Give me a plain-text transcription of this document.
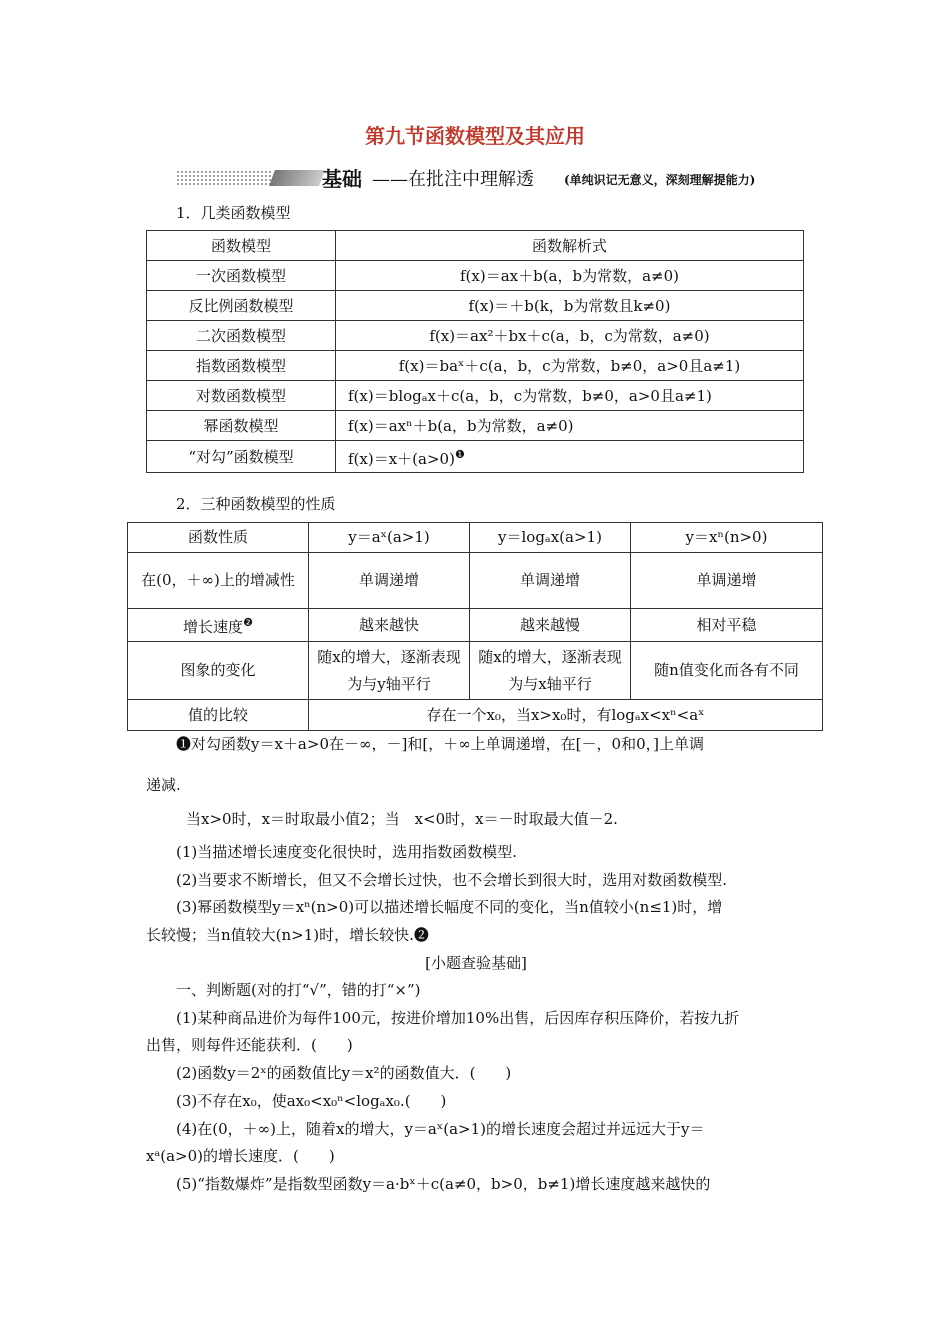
第九节函数模型及其应用
基础 ——在批注中理解透	(单纯识记无意义，深刻理解提能力)
1．几类函数模型
函数模型	函数解析式
一次函数模型	f(x)＝ax＋b(a，b为常数，a≠0)
反比例函数模型	f(x)＝＋b(k，b为常数且k≠0)
二次函数模型	f(x)＝ax²＋bx＋c(a，b，c为常数，a≠0)
指数函数模型	f(x)＝baˣ＋c(a，b，c为常数，b≠0，a>0且a≠1)
对数函数模型	f(x)＝blogₐx＋c(a，b，c为常数，b≠0，a>0且a≠1)
幂函数模型	f(x)＝axⁿ＋b(a，b为常数，a≠0)
“对勾”函数模型	f(x)＝x＋(a>0)$^❶$
2．三种函数模型的性质
函数性质	y＝aˣ(a>1)	y＝logₐx(a>1)	y＝xⁿ(n>0)
在(0，＋∞)上的增减性	单调递增	单调递增	单调递增
增长速度$^❷$	越来越快	越来越慢	相对平稳
图象的变化	随x的增大，逐渐表现为与y轴平行	随x的增大，逐渐表现为与x轴平行	随n值变化而各有不同
值的比较	存在一个x₀，当x>x₀时，有logₐx<xⁿ<aˣ		
❶对勾函数y＝x＋a>0在－∞，－]和[，＋∞上单调递增，在[－，0和0，]上单调
递减.
当x>0时，x＝时取最小值2；当　x<0时，x＝－时取最大值－2.
(1)当描述增长速度变化很快时，选用指数函数模型.
(2)当要求不断增长，但又不会增长过快，也不会增长到很大时，选用对数函数模型.
(3)幂函数模型y＝xⁿ(n>0)可以描述增长幅度不同的变化，当n值较小(n≤1)时，增
长较慢；当n值较大(n>1)时，增长较快.❷
[小题查验基础]
一、判断题(对的打“√”，错的打“×”)
(1)某种商品进价为每件100元，按进价增加10%出售，后因库存积压降价，若按九折
出售，则每件还能获利．(　　)
(2)函数y＝2ˣ的函数值比y＝x²的函数值大．(　　)
(3)不存在x₀，使ax₀<x₀ⁿ<logₐx₀.(　　)
(4)在(0，＋∞)上，随着x的增大，y＝aˣ(a>1)的增长速度会超过并远远大于y＝
xᵃ(a>0)的增长速度．(　　)
(5)“指数爆炸”是指数型函数y＝a·bˣ＋c(a≠0，b>0，b≠1)增长速度越来越快的
